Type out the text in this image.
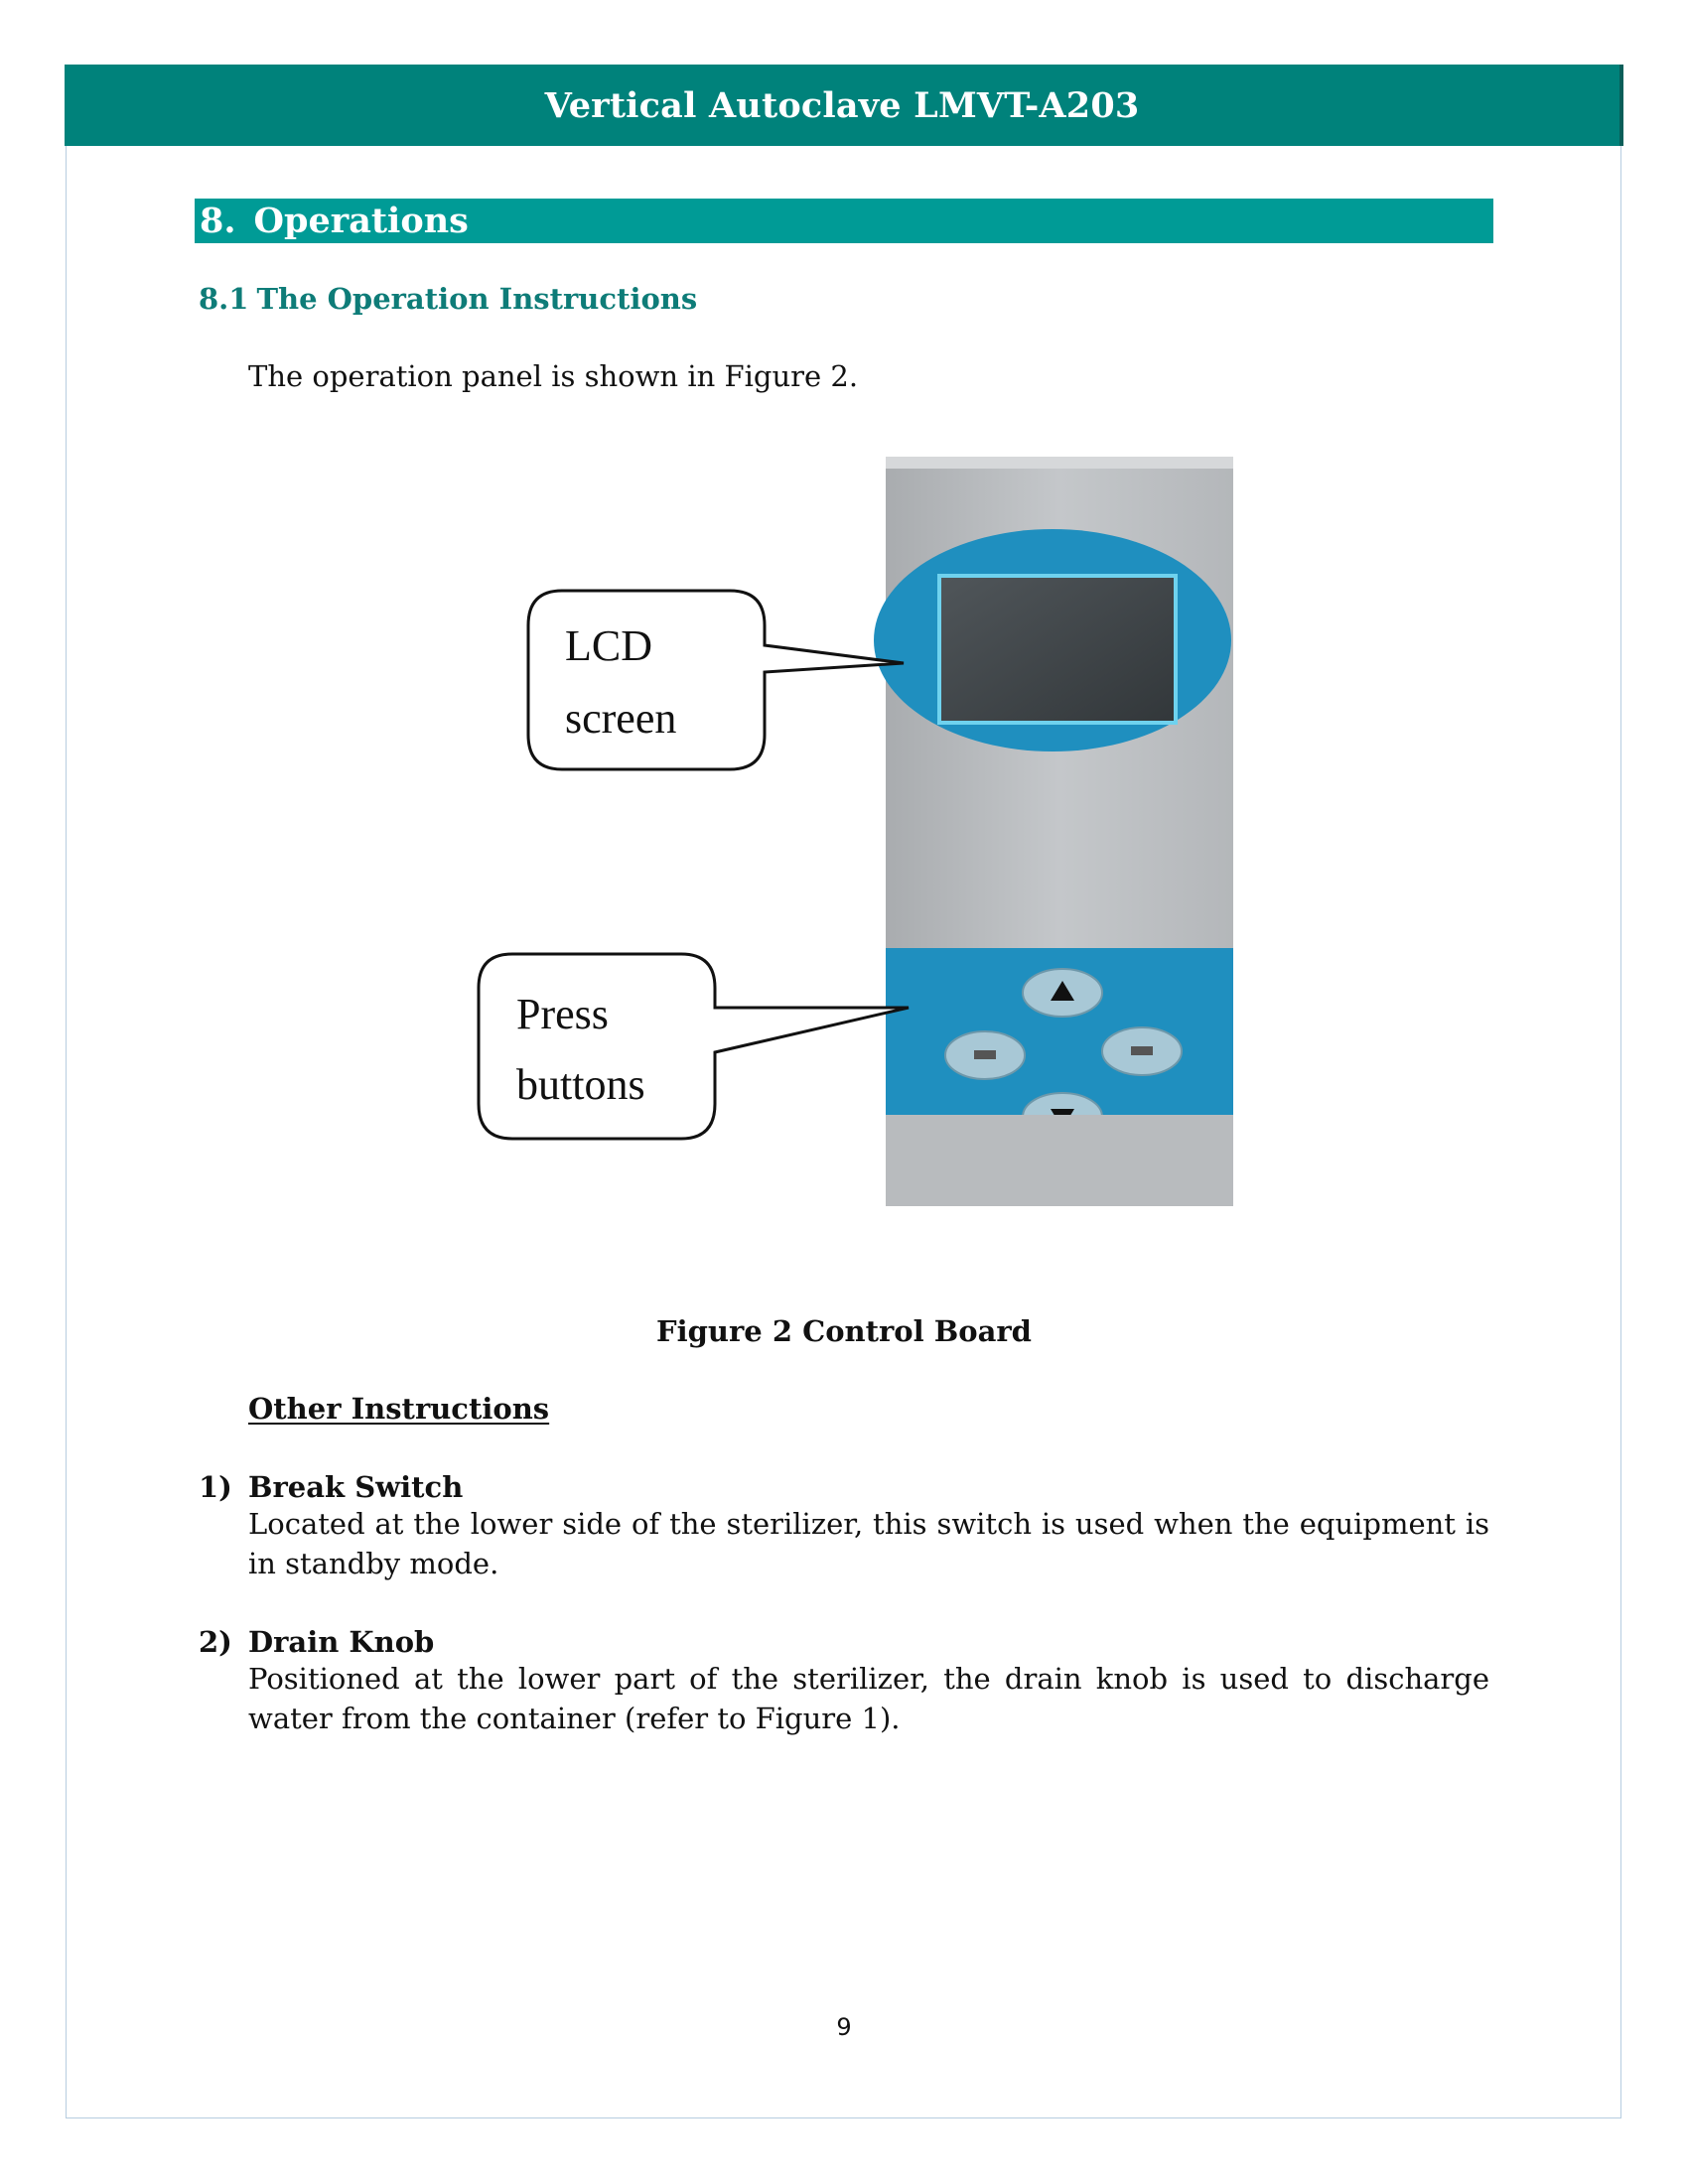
Vertical Autoclave LMVT-A203
8. Operations
8.1 The Operation Instructions
The operation panel is shown in Figure 2.
LCD
screen
Press
buttons
Figure 2 Control Board
Other Instructions
1) Break Switch
Located at the lower side of the sterilizer, this switch is used when the equipment is in standby mode.
2) Drain Knob
Positioned at the lower part of the sterilizer, the drain knob is used to discharge water from the container (refer to Figure 1).
9
